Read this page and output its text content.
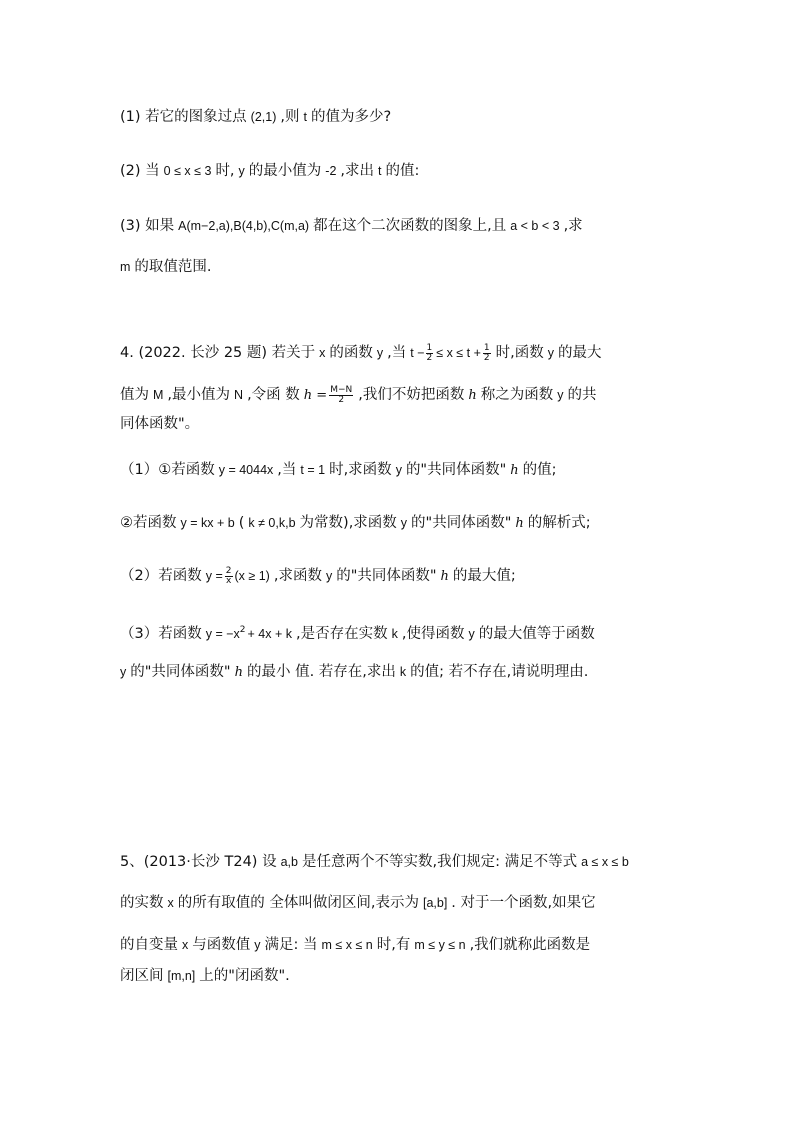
(1) 若它的图象过点 (2,1) ,则 t 的值为多少?
(2) 当 0 ≤ x ≤ 3 时, y 的最小值为 -2 ,求出 t 的值:
(3) 如果 A(m−2,a),B(4,b),C(m,a) 都在这个二次函数的图象上,且 a < b < 3 ,求
m 的取值范围.
4. (2022. 长沙 25 题) 若关于 x 的函数 y ,当 $t - \frac{1}{2} \le x \le t + \frac{1}{2}$ 时,函数 y 的最大
值为 M ,最小值为 N ,令函 数 $h = \frac{M-N}{2}$ ,我们不妨把函数 h 称之为函数 y 的共
同体函数"。
（1）①若函数 y = 4044x ,当 t = 1 时,求函数 y 的"共同体函数" h 的值;
②若函数 y = kx + b ( k ≠ 0,k,b 为常数),求函数 y 的"共同体函数" h 的解析式;
（2）若函数 $y = \frac{2}{x} (x \ge 1)$ ,求函数 y 的"共同体函数" h 的最大值;
（3）若函数 $y = -x^2 + 4x + k$ ,是否存在实数 k ,使得函数 y 的最大值等于函数
y 的"共同体函数" h 的最小 值. 若存在,求出 k 的值; 若不存在,请说明理由.
5、(2013·长沙 T24) 设 a,b 是任意两个不等实数,我们规定: 满足不等式 a ≤ x ≤ b
的实数 x 的所有取值的 全体叫做闭区间,表示为 [a,b] . 对于一个函数,如果它
的自变量 x 与函数值 y 满足: 当 m ≤ x ≤ n 时,有 m ≤ y ≤ n ,我们就称此函数是
闭区间 [m,n] 上的"闭函数".
